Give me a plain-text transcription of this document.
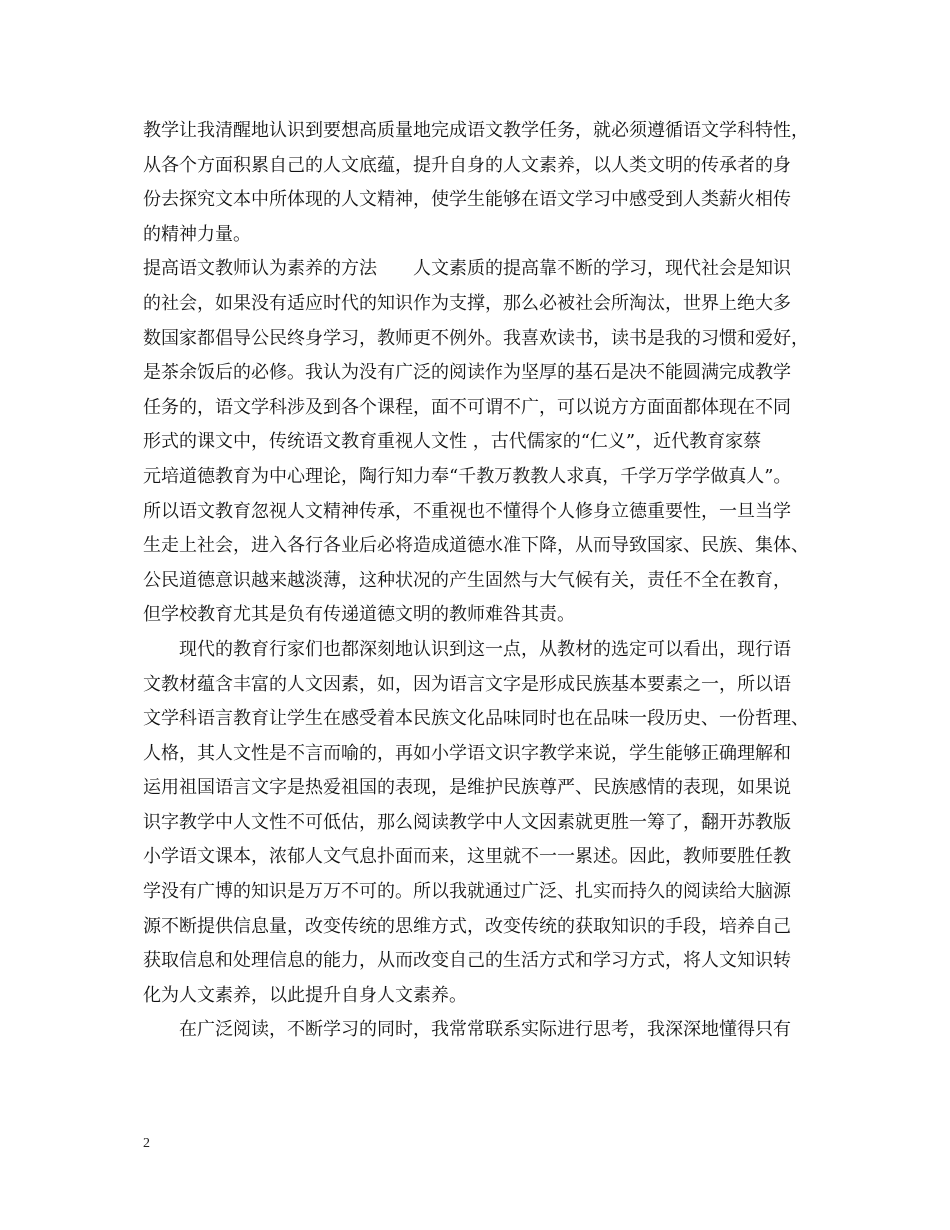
教学让我清醒地认识到要想高质量地完成语文教学任务，就必须遵循语文学科特性，
从各个方面积累自己的人文底蕴，提升自身的人文素养，以人类文明的传承者的身
份去探究文本中所体现的人文精神，使学生能够在语文学习中感受到人类薪火相传
的精神力量。
提高语文教师认为素养的方法　　人文素质的提高靠不断的学习，现代社会是知识
的社会，如果没有适应时代的知识作为支撑，那么必被社会所淘汰，世界上绝大多
数国家都倡导公民终身学习，教师更不例外。我喜欢读书，读书是我的习惯和爱好，
是茶余饭后的必修。我认为没有广泛的阅读作为坚厚的基石是决不能圆满完成教学
任务的，语文学科涉及到各个课程，面不可谓不广，可以说方方面面都体现在不同
形式的课文中，传统语文教育重视人文性 ，古代儒家的“仁义”，近代教育家蔡
元培道德教育为中心理论，陶行知力奉“千教万教教人求真，千学万学学做真人”。
所以语文教育忽视人文精神传承，不重视也不懂得个人修身立德重要性，一旦当学
生走上社会，进入各行各业后必将造成道德水准下降，从而导致国家、民族、集体、
公民道德意识越来越淡薄，这种状况的产生固然与大气候有关，责任不全在教育，
但学校教育尤其是负有传递道德文明的教师难咎其责。
现代的教育行家们也都深刻地认识到这一点，从教材的选定可以看出，现行语
文教材蕴含丰富的人文因素，如，因为语言文字是形成民族基本要素之一，所以语
文学科语言教育让学生在感受着本民族文化品味同时也在品味一段历史、一份哲理、
人格，其人文性是不言而喻的，再如小学语文识字教学来说，学生能够正确理解和
运用祖国语言文字是热爱祖国的表现，是维护民族尊严、民族感情的表现，如果说
识字教学中人文性不可低估，那么阅读教学中人文因素就更胜一筹了，翻开苏教版
小学语文课本，浓郁人文气息扑面而来，这里就不一一累述。因此，教师要胜任教
学没有广博的知识是万万不可的。所以我就通过广泛、扎实而持久的阅读给大脑源
源不断提供信息量，改变传统的思维方式，改变传统的获取知识的手段，培养自己
获取信息和处理信息的能力，从而改变自己的生活方式和学习方式，将人文知识转
化为人文素养，以此提升自身人文素养。
在广泛阅读，不断学习的同时，我常常联系实际进行思考，我深深地懂得只有
2
